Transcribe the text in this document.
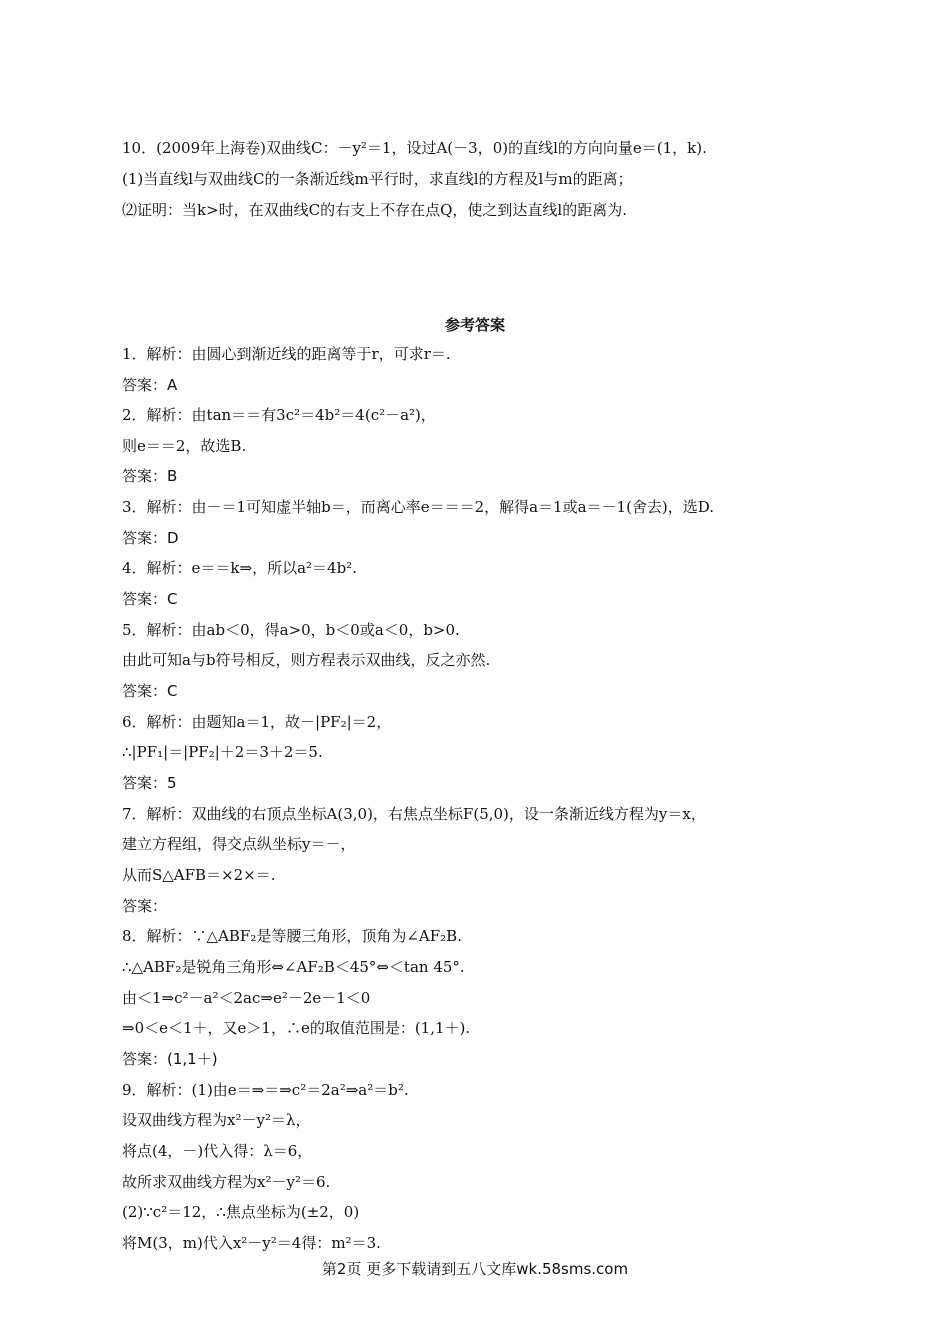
10．(2009年上海卷)双曲线C：－y²＝1，设过A(－3，0)的直线l的方向向量e＝(1，k).
(1)当直线l与双曲线C的一条渐近线m平行时，求直线l的方程及l与m的距离；
⑵证明：当k>时，在双曲线C的右支上不存在点Q，使之到达直线l的距离为.
参考答案
1．解析：由圆心到渐近线的距离等于r，可求r＝.
答案：A
2．解析：由tan＝＝有3c²＝4b²＝4(c²－a²)，
则e＝＝2，故选B.
答案：B
3．解析：由－＝1可知虚半轴b＝，而离心率e＝＝＝2，解得a＝1或a＝－1(舍去)，选D.
答案：D
4．解析：e＝＝k⇒，所以a²＝4b².
答案：C
5．解析：由ab＜0，得a>0，b＜0或a＜0，b>0.
由此可知a与b符号相反，则方程表示双曲线，反之亦然.
答案：C
6．解析：由题知a＝1，故－|PF₂|＝2，
∴|PF₁|＝|PF₂|＋2＝3＋2＝5.
答案：5
7．解析：双曲线的右顶点坐标A(3,0)，右焦点坐标F(5,0)，设一条渐近线方程为y＝x，
建立方程组，得交点纵坐标y＝－，
从而S△AFB＝×2×＝.
答案：
8．解析：∵△ABF₂是等腰三角形，顶角为∠AF₂B.
∴△ABF₂是锐角三角形⇔∠AF₂B＜45°⇔＜tan 45°.
由＜1⇒c²－a²＜2ac⇒e²－2e－1＜0
⇒0＜e＜1＋，又e＞1，∴e的取值范围是：(1,1＋).
答案：(1,1＋)
9．解析：(1)由e＝⇒＝⇒c²＝2a²⇒a²＝b².
设双曲线方程为x²－y²＝λ，
将点(4，－)代入得：λ＝6，
故所求双曲线方程为x²－y²＝6.
(2)∵c²＝12，∴焦点坐标为(±2，0)
将M(3，m)代入x²－y²＝4得：m²＝3.
第2页 更多下载请到五八文库wk.58sms.com
